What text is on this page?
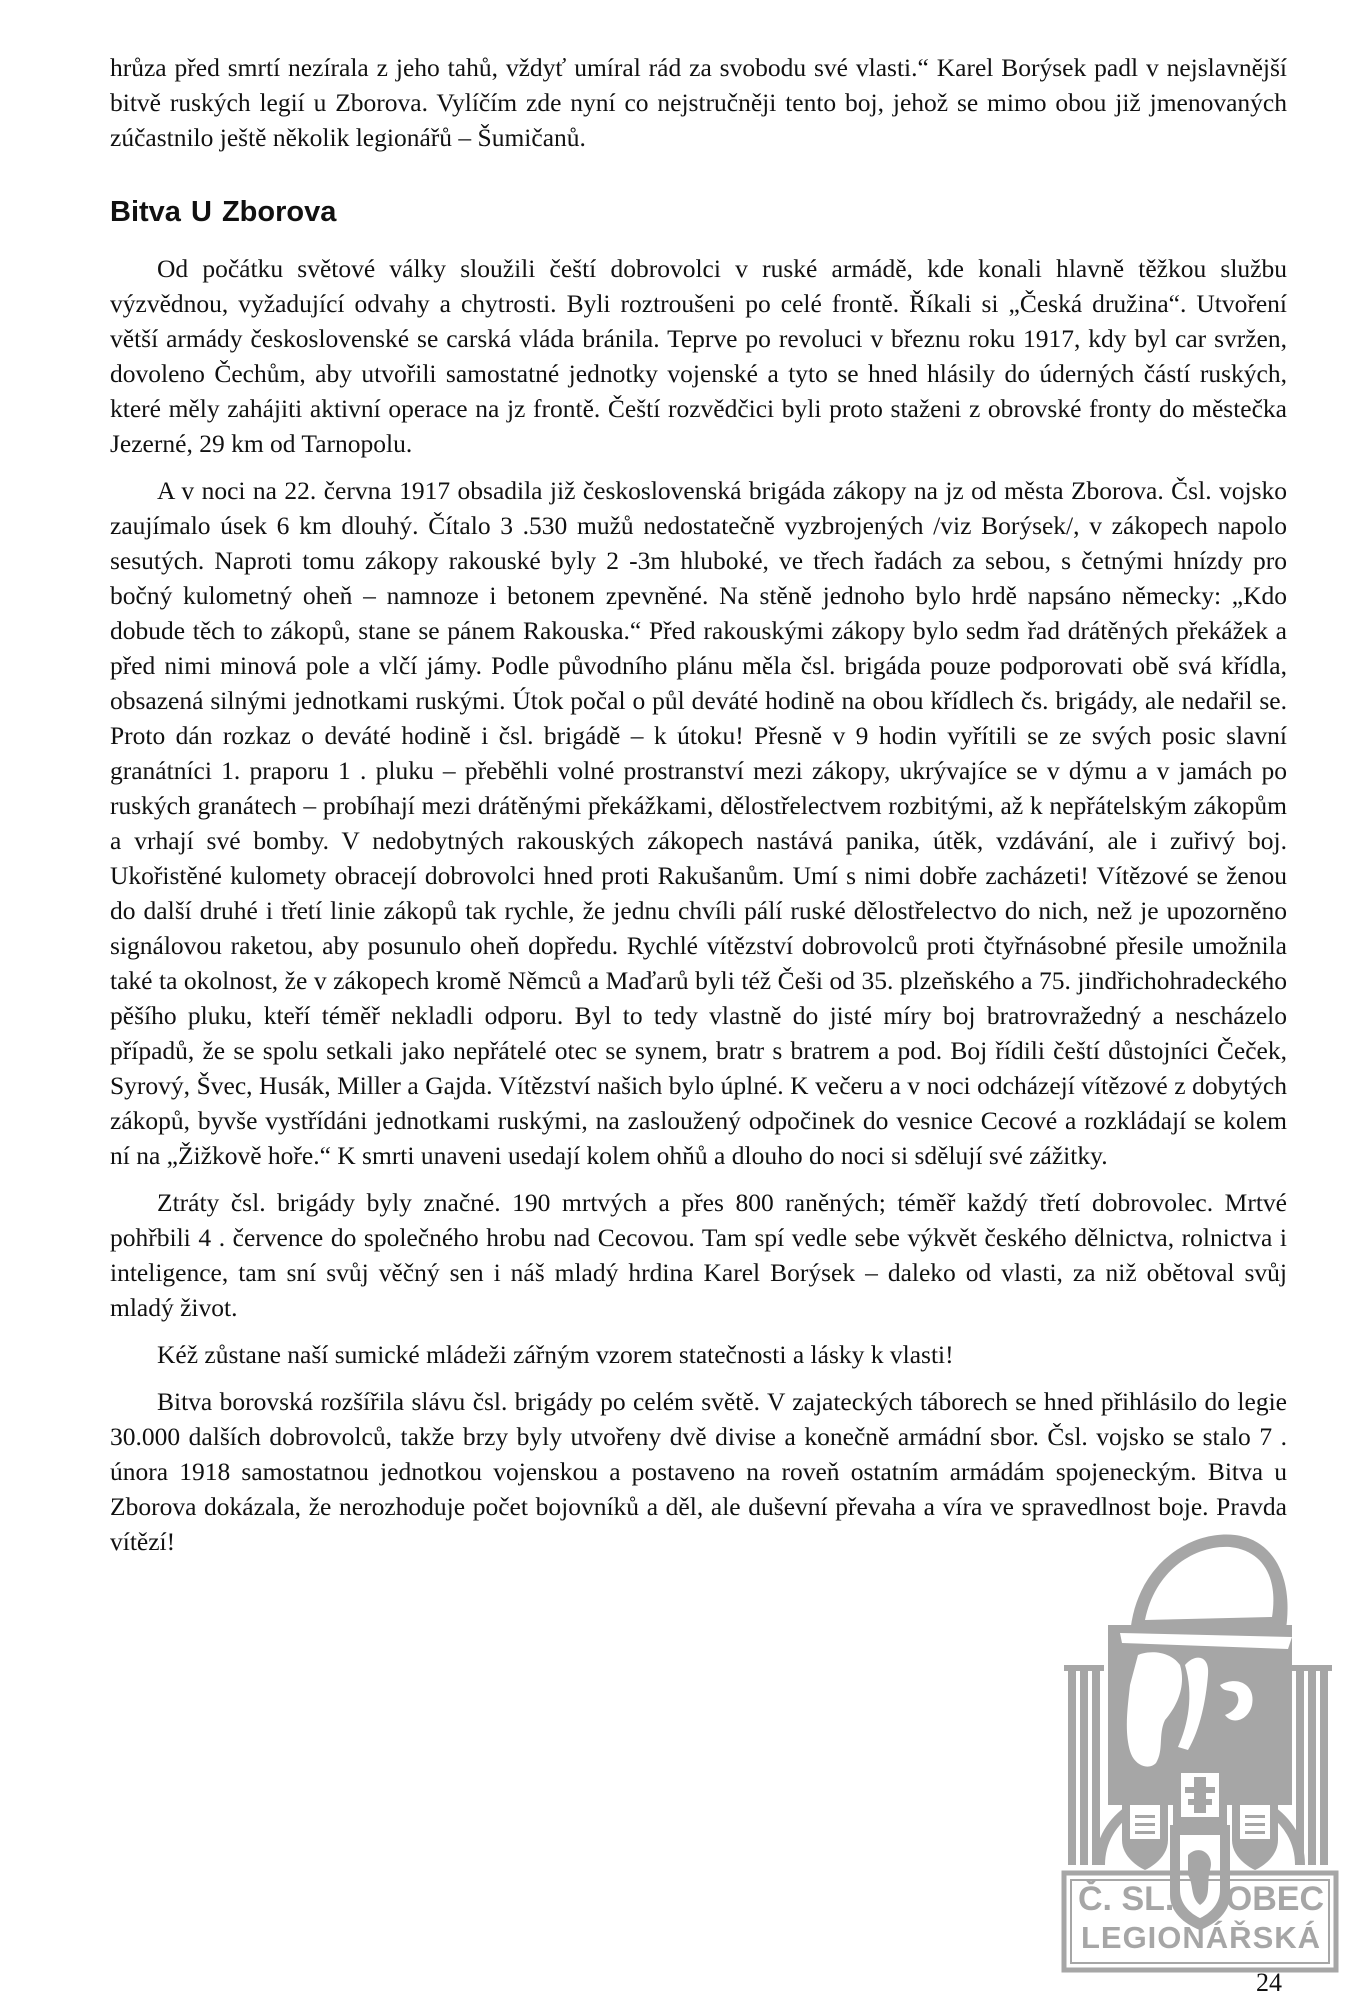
Č. SL. OBEC
LEGIONÁŘSKÁ

hrůza před smrtí nezírala z jeho tahů, vždyť umíral rád za svobodu své vlasti.“ Karel Borýsek padl v nejslavnější bitvě ruských legií u Zborova. Vylíčím zde nyní co nejstručněji tento boj, jehož se mimo obou již jmenovaných zúčastnilo ještě několik legionářů – Šumičanů.

Bitva U Zborova

Od počátku světové války sloužili čeští dobrovolci v ruské armádě, kde konali hlavně těžkou službu výzvědnou, vyžadující odvahy a chytrosti. Byli roztroušeni po celé frontě. Říkali si „Česká družina“. Utvoření větší armády československé se carská vláda bránila. Teprve po revoluci v březnu roku 1917, kdy byl car svržen, dovoleno Čechům, aby utvořili samostatné jednotky vojenské a tyto se hned hlásily do úderných částí ruských, které měly zahájiti aktivní operace na jz frontě. Čeští rozvědčici byli proto staženi z obrovské fronty do městečka Jezerné, 29 km od Tarnopolu.

A v noci na 22. června 1917 obsadila již československá brigáda zákopy na jz od města Zborova. Čsl. vojsko zaujímalo úsek 6 km dlouhý. Čítalo 3 .530 mužů nedostatečně vyzbrojených /viz Borýsek/, v zákopech napolo sesutých. Naproti tomu zákopy rakouské byly 2 -3m hluboké, ve třech řadách za sebou, s četnými hnízdy pro bočný kulometný oheň – namnoze i betonem zpevněné. Na stěně jednoho bylo hrdě napsáno německy: „Kdo dobude těch to zákopů, stane se pánem Rakouska.“ Před rakouskými zákopy bylo sedm řad drátěných překážek a před nimi minová pole a vlčí jámy. Podle původního plánu měla čsl. brigáda pouze podporovati obě svá křídla, obsazená silnými jednotkami ruskými. Útok počal o půl deváté hodině na obou křídlech čs. brigády, ale nedařil se. Proto dán rozkaz o deváté hodině i čsl. brigádě – k útoku! Přesně v 9 hodin vyřítili se ze svých posic slavní granátníci 1. praporu 1 . pluku – přeběhli volné prostranství mezi zákopy, ukrývajíce se v dýmu a v jamách po ruských granátech – probíhají mezi drátěnými překážkami, dělostřelectvem rozbitými, až k nepřátelským zákopům a vrhají své bomby. V nedobytných rakouských zákopech nastává panika, útěk, vzdávání, ale i zuřivý boj. Ukořistěné kulomety obracejí dobrovolci hned proti Rakušanům. Umí s nimi dobře zacházeti! Vítězové se ženou do další druhé i třetí linie zákopů tak rychle, že jednu chvíli pálí ruské dělostřelectvo do nich, než je upozorněno signálovou raketou, aby posunulo oheň dopředu. Rychlé vítězství dobrovolců proti čtyřnásobné přesile umožnila také ta okolnost, že v zákopech kromě Němců a Maďarů byli též Češi od 35. plzeňského a 75. jindřichohradeckého pěšího pluku, kteří téměř nekladli odporu. Byl to tedy vlastně do jisté míry boj bratrovražedný a nescházelo případů, že se spolu setkali jako nepřátelé otec se synem, bratr s bratrem a pod. Boj řídili čeští důstojníci Čeček, Syrový, Švec, Husák, Miller a Gajda. Vítězství našich bylo úplné. K večeru a v noci odcházejí vítězové z dobytých zákopů, byvše vystřídáni jednotkami ruskými, na zasloužený odpočinek do vesnice Cecové a rozkládají se kolem ní na „Žižkově hoře.“ K smrti unaveni usedají kolem ohňů a dlouho do noci si sdělují své zážitky.

Ztráty čsl. brigády byly značné. 190 mrtvých a přes 800 raněných; téměř každý třetí dobrovolec. Mrtvé pohřbili 4 . července do společného hrobu nad Cecovou. Tam spí vedle sebe výkvět českého dělnictva, rolnictva i inteligence, tam sní svůj věčný sen i náš mladý hrdina Karel Borýsek – daleko od vlasti, za niž obětoval svůj mladý život.

Kéž zůstane naší sumické mládeži zářným vzorem statečnosti a lásky k vlasti!

Bitva borovská rozšířila slávu čsl. brigády po celém světě. V zajateckých táborech se hned přihlásilo do legie 30.000 dalších dobrovolců, takže brzy byly utvořeny dvě divise a konečně armádní sbor. Čsl. vojsko se stalo 7 . února 1918 samostatnou jednotkou vojenskou a postaveno na roveň ostatním armádám spojeneckým. Bitva u Zborova dokázala, že nerozhoduje počet bojovníků a děl, ale duševní převaha a víra ve spravedlnost boje. Pravda vítězí!

24
